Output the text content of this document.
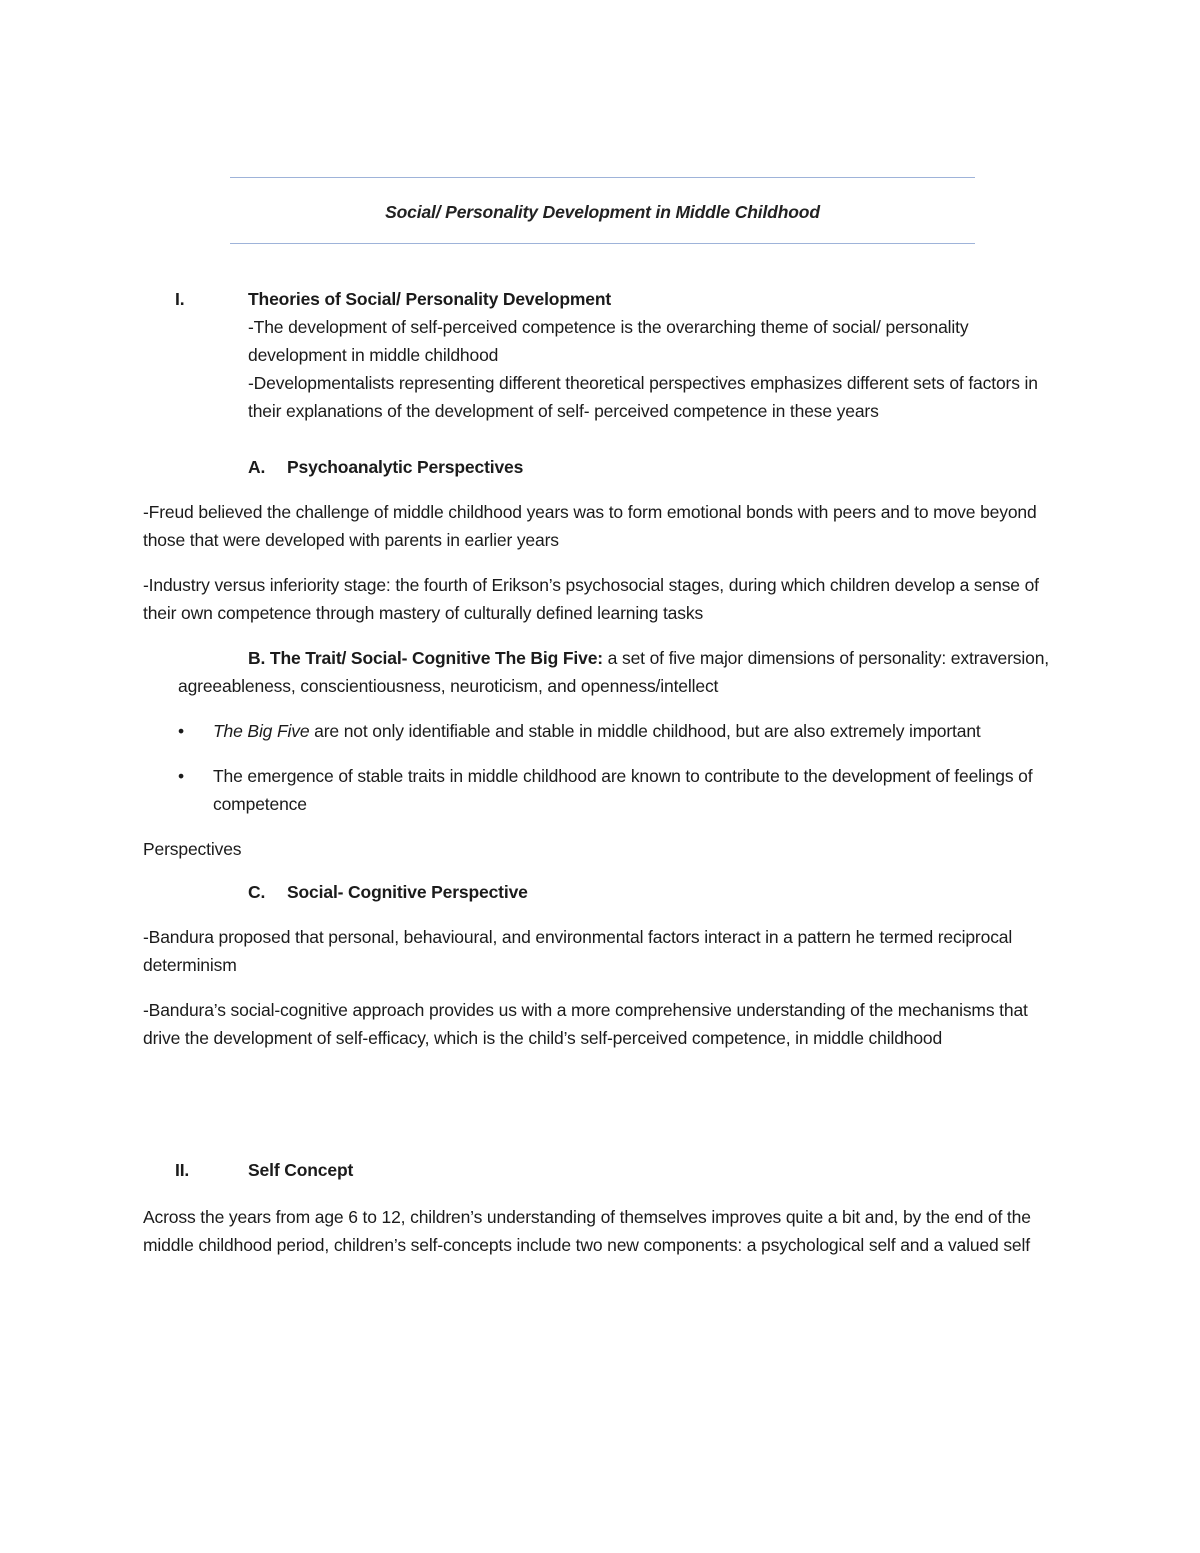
Social/ Personality Development in Middle Childhood
I.	Theories of Social/ Personality Development

-The development of self-perceived competence is the overarching theme of social/ personality development in middle childhood

-Developmentalists representing different theoretical perspectives emphasizes different sets of factors in their explanations of the development of self- perceived competence in these years

A.	Psychoanalytic Perspectives

-Freud believed the challenge of middle childhood years was to form emotional bonds with peers and to move beyond those that were developed with parents in earlier years

-Industry versus inferiority stage: the fourth of Erikson’s psychosocial stages, during which children develop a sense of their own competence through mastery of culturally defined learning tasks

B. The Trait/ Social- Cognitive The Big Five: a set of five major dimensions of personality: extraversion, agreeableness, conscientiousness, neuroticism, and openness/intellect

•	The Big Five are not only identifiable and stable in middle childhood, but are also extremely important
•	The emergence of stable traits in middle childhood are known to contribute to the development of feelings of competence

Perspectives

C.	Social- Cognitive Perspective

-Bandura proposed that personal, behavioural, and environmental factors interact in a pattern he termed reciprocal determinism

-Bandura’s social-cognitive approach provides us with a more comprehensive understanding of the mechanisms that drive the development of self-efficacy, which is the child’s self-perceived competence, in middle childhood

II.	Self Concept

Across the years from age 6 to 12, children’s understanding of themselves improves quite a bit and, by the end of the middle childhood period, children’s self-concepts include two new components: a psychological self and a valued self
